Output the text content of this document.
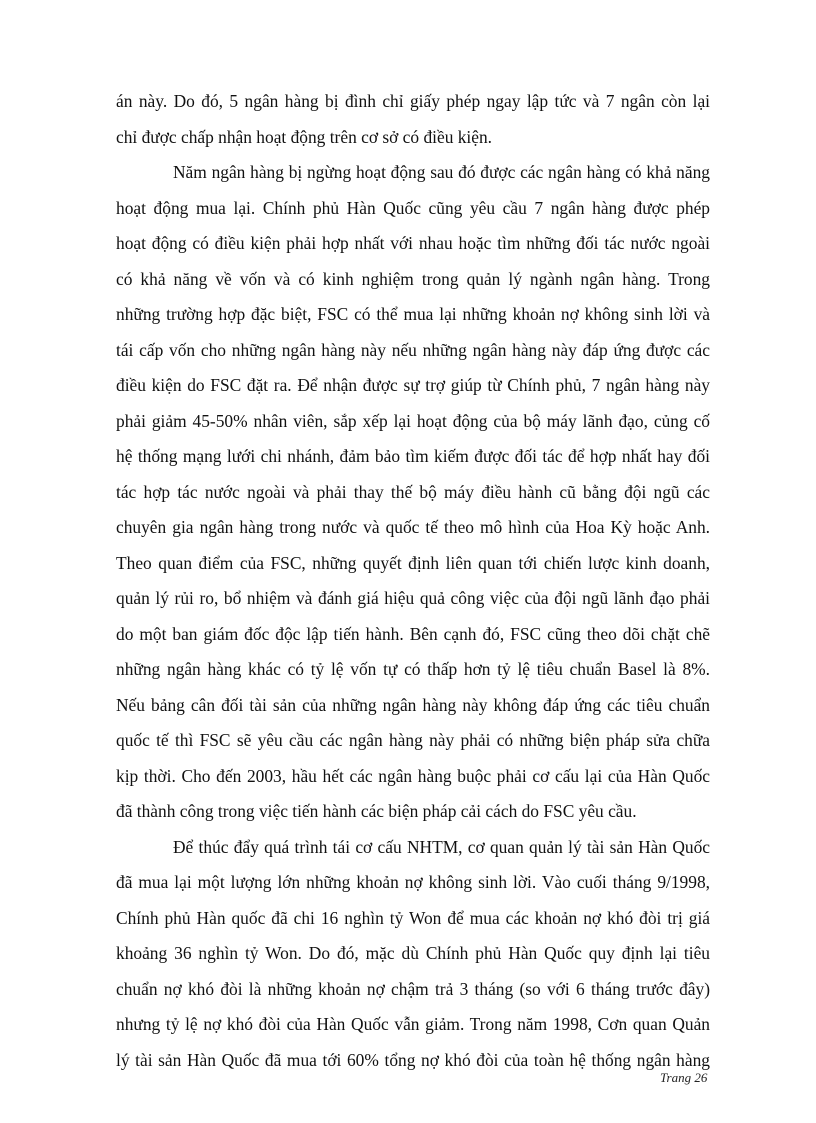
án này. Do đó, 5 ngân hàng bị đình chỉ giấy phép ngay lập tức và 7 ngân còn lại
chỉ được chấp nhận hoạt động trên cơ sở có điều kiện.
Năm ngân hàng bị ngừng hoạt động sau đó được các ngân hàng có khả năng
hoạt động mua lại. Chính phủ Hàn Quốc cũng yêu cầu 7 ngân hàng được phép
hoạt động có điều kiện phải hợp nhất với nhau hoặc tìm những đối tác nước ngoài
có khả năng về vốn và có kinh nghiệm trong quản lý ngành ngân hàng. Trong
những trường hợp đặc biệt, FSC có thể mua lại những khoản nợ không sinh lời và
tái cấp vốn cho những ngân hàng này nếu những ngân hàng này đáp ứng được các
điều kiện do FSC đặt ra. Để nhận được sự trợ giúp từ Chính phủ, 7 ngân hàng này
phải giảm 45-50% nhân viên, sắp xếp lại hoạt động của bộ máy lãnh đạo, củng cố
hệ thống mạng lưới chi nhánh, đảm bảo tìm kiếm được đối tác để hợp nhất hay đối
tác hợp tác nước ngoài và phải thay thế bộ máy điều hành cũ bằng đội ngũ các
chuyên gia ngân hàng trong nước và quốc tế theo mô hình của Hoa Kỳ hoặc Anh.
Theo quan điểm của FSC, những quyết định liên quan tới chiến lược kinh doanh,
quản lý rủi ro, bổ nhiệm và đánh giá hiệu quả công việc của đội ngũ lãnh đạo phải
do một ban giám đốc độc lập tiến hành. Bên cạnh đó, FSC cũng theo dõi chặt chẽ
những ngân hàng khác có tỷ lệ vốn tự có thấp hơn tỷ lệ tiêu chuẩn Basel là 8%.
Nếu bảng cân đối tài sản của những ngân hàng này không đáp ứng các tiêu chuẩn
quốc tế thì FSC sẽ yêu cầu các ngân hàng này phải có những biện pháp sửa chữa
kịp thời. Cho đến 2003, hầu hết các ngân hàng buộc phải cơ cấu lại của Hàn Quốc
đã thành công trong việc tiến hành các biện pháp cải cách do FSC yêu cầu.
Để thúc đẩy quá trình tái cơ cấu NHTM, cơ quan quản lý tài sản Hàn Quốc
đã mua lại một lượng lớn những khoản nợ không sinh lời. Vào cuối tháng 9/1998,
Chính phủ Hàn quốc đã chi 16 nghìn tỷ Won để mua các khoản nợ khó đòi trị giá
khoảng 36 nghìn tỷ Won. Do đó, mặc dù Chính phủ Hàn Quốc quy định lại tiêu
chuẩn nợ khó đòi là những khoản nợ chậm trả 3 tháng (so với 6 tháng trước đây)
nhưng tỷ lệ nợ khó đòi của Hàn Quốc vẫn giảm. Trong năm 1998, Cơn quan Quản
lý tài sản Hàn Quốc đã mua tới 60% tổng nợ khó đòi của toàn hệ thống ngân hàng
Trang 26
